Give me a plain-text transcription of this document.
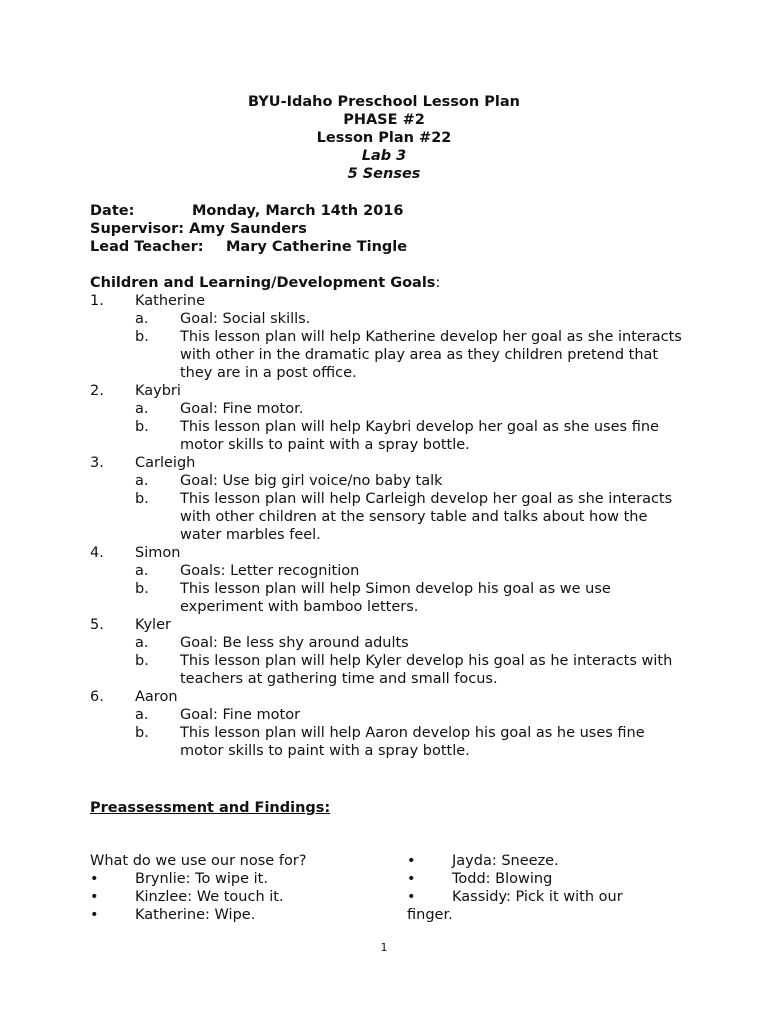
BYU-Idaho Preschool Lesson Plan
PHASE #2
Lesson Plan #22
Lab 3
5 Senses
Date:	Monday, March 14th 2016
Supervisor: Amy Saunders
Lead Teacher: Mary Catherine Tingle
Children and Learning/Development Goals:
1. Katherine
a. Goal: Social skills.
b. This lesson plan will help Katherine develop her goal as she interacts with other in the dramatic play area as they children pretend that they are in a post office.
2. Kaybri
a. Goal: Fine motor.
b. This lesson plan will help Kaybri develop her goal as she uses fine motor skills to paint with a spray bottle.
3. Carleigh
a. Goal: Use big girl voice/no baby talk
b. This lesson plan will help Carleigh develop her goal as she interacts with other children at the sensory table and talks about how the water marbles feel.
4. Simon
a. Goals: Letter recognition
b. This lesson plan will help Simon develop his goal as we use experiment with bamboo letters.
5. Kyler
a. Goal: Be less shy around adults
b. This lesson plan will help Kyler develop his goal as he interacts with teachers at gathering time and small focus.
6. Aaron
a. Goal: Fine motor
b. This lesson plan will help Aaron develop his goal as he uses fine motor skills to paint with a spray bottle.
Preassessment and Findings:
What do we use our nose for?
•	Brynlie: To wipe it.
•	Kinzlee: We touch it.
•	Katherine: Wipe.
•	Jayda: Sneeze.
•	Todd: Blowing
•	Kassidy: Pick it with our
finger.
1
